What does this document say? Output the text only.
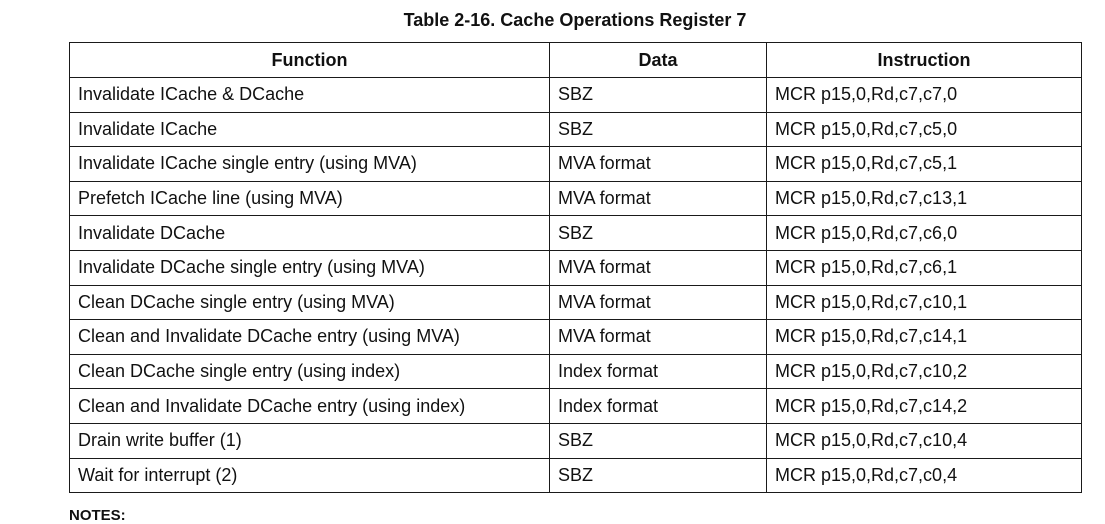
Table 2-16. Cache Operations Register 7
Function	Data	Instruction
Invalidate ICache & DCache	SBZ	MCR p15,0,Rd,c7,c7,0
Invalidate ICache	SBZ	MCR p15,0,Rd,c7,c5,0
Invalidate ICache single entry (using MVA)	MVA format	MCR p15,0,Rd,c7,c5,1
Prefetch ICache line (using MVA)	MVA format	MCR p15,0,Rd,c7,c13,1
Invalidate DCache	SBZ	MCR p15,0,Rd,c7,c6,0
Invalidate DCache single entry (using MVA)	MVA format	MCR p15,0,Rd,c7,c6,1
Clean DCache single entry (using MVA)	MVA format	MCR p15,0,Rd,c7,c10,1
Clean and Invalidate DCache entry (using MVA)	MVA format	MCR p15,0,Rd,c7,c14,1
Clean DCache single entry (using index)	Index format	MCR p15,0,Rd,c7,c10,2
Clean and Invalidate DCache entry (using index)	Index format	MCR p15,0,Rd,c7,c14,2
Drain write buffer (1)	SBZ	MCR p15,0,Rd,c7,c10,4
Wait for interrupt (2)	SBZ	MCR p15,0,Rd,c7,c0,4
NOTES:
